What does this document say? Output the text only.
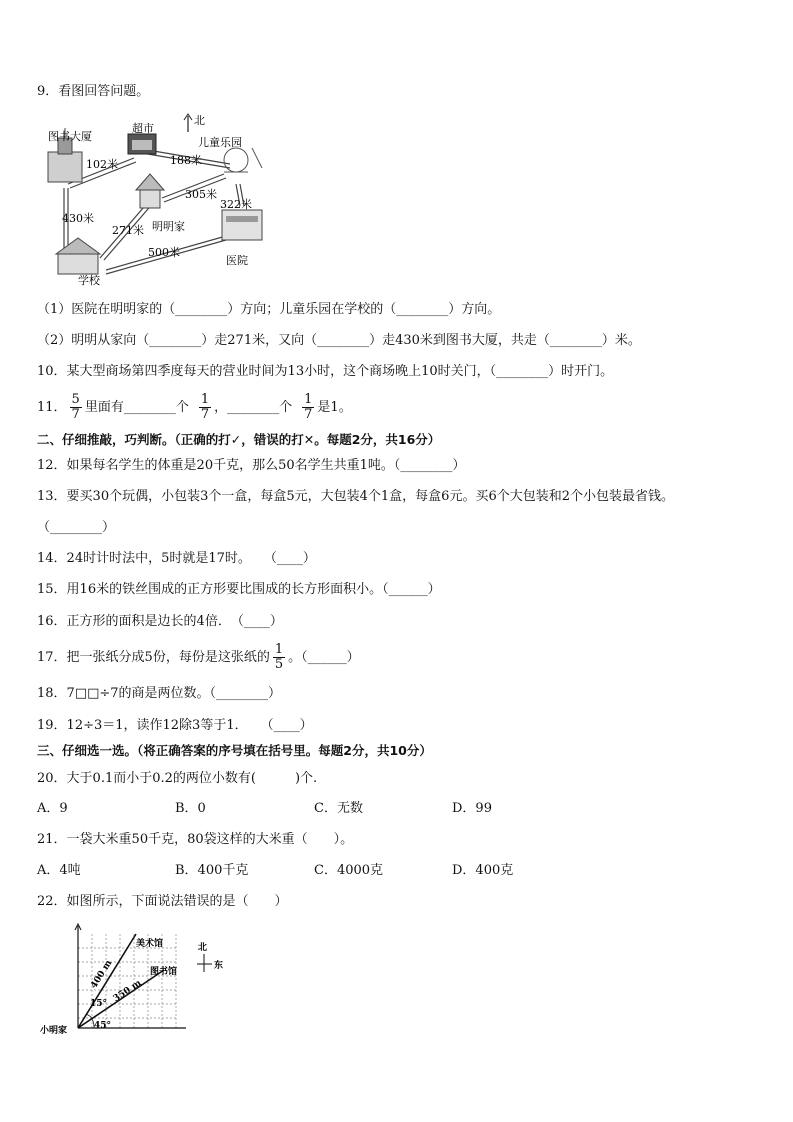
9．看图回答问题。
图书大厦
超市
北
儿童乐园
102米	188米
305米
322米
430米
271米 明明家
500米
医院
学校
（1）医院在明明家的（________）方向；儿童乐园在学校的（________）方向。
（2）明明从家向（________）走271米，又向（________）走430米到图书大厦，共走（________）米。
10．某大型商场第四季度每天的营业时间为13小时，这个商场晚上10时关门，（________）时开门。
11． $\frac{5}{7}$ 里面有________个 $\frac{1}{7}$ ，________个 $\frac{1}{7}$ 是1。
二、仔细推敲，巧判断。（正确的打✓，错误的打✕。每题2分，共16分）
12．如果每名学生的体重是20千克，那么50名学生共重1吨。（________）
13．要买30个玩偶，小包装3个一盒，每盒5元，大包装4个1盒，每盒6元。买6个大包装和2个小包装最省钱。
（________）
14．24时计时法中，5时就是17时。　　（____）
15．用16米的铁丝围成的正方形要比围成的长方形面积小。（______）
16．正方形的面积是边长的4倍．　（____）
17．把一张纸分成5份，每份是这张纸的 $\frac{1}{5}$ 。（______）
18．7□□÷7的商是两位数。（________）
19．12÷3＝1，读作12除3等于1．　　（____）
三、仔细选一选。（将正确答案的序号填在括号里。每题2分，共10分）
20．大于0.1而小于0.2的两位小数有(　　　)个.
A．9	B．0	C．无数	D．99
21．一袋大米重50千克，80袋这样的大米重（　　）。
A．4吨	B．400千克	C．4000克	D．400克
22．如图所示，下面说法错误的是（　　）
美术馆
图书馆
小明家
400 m
350 m
15°
45°
北
东
